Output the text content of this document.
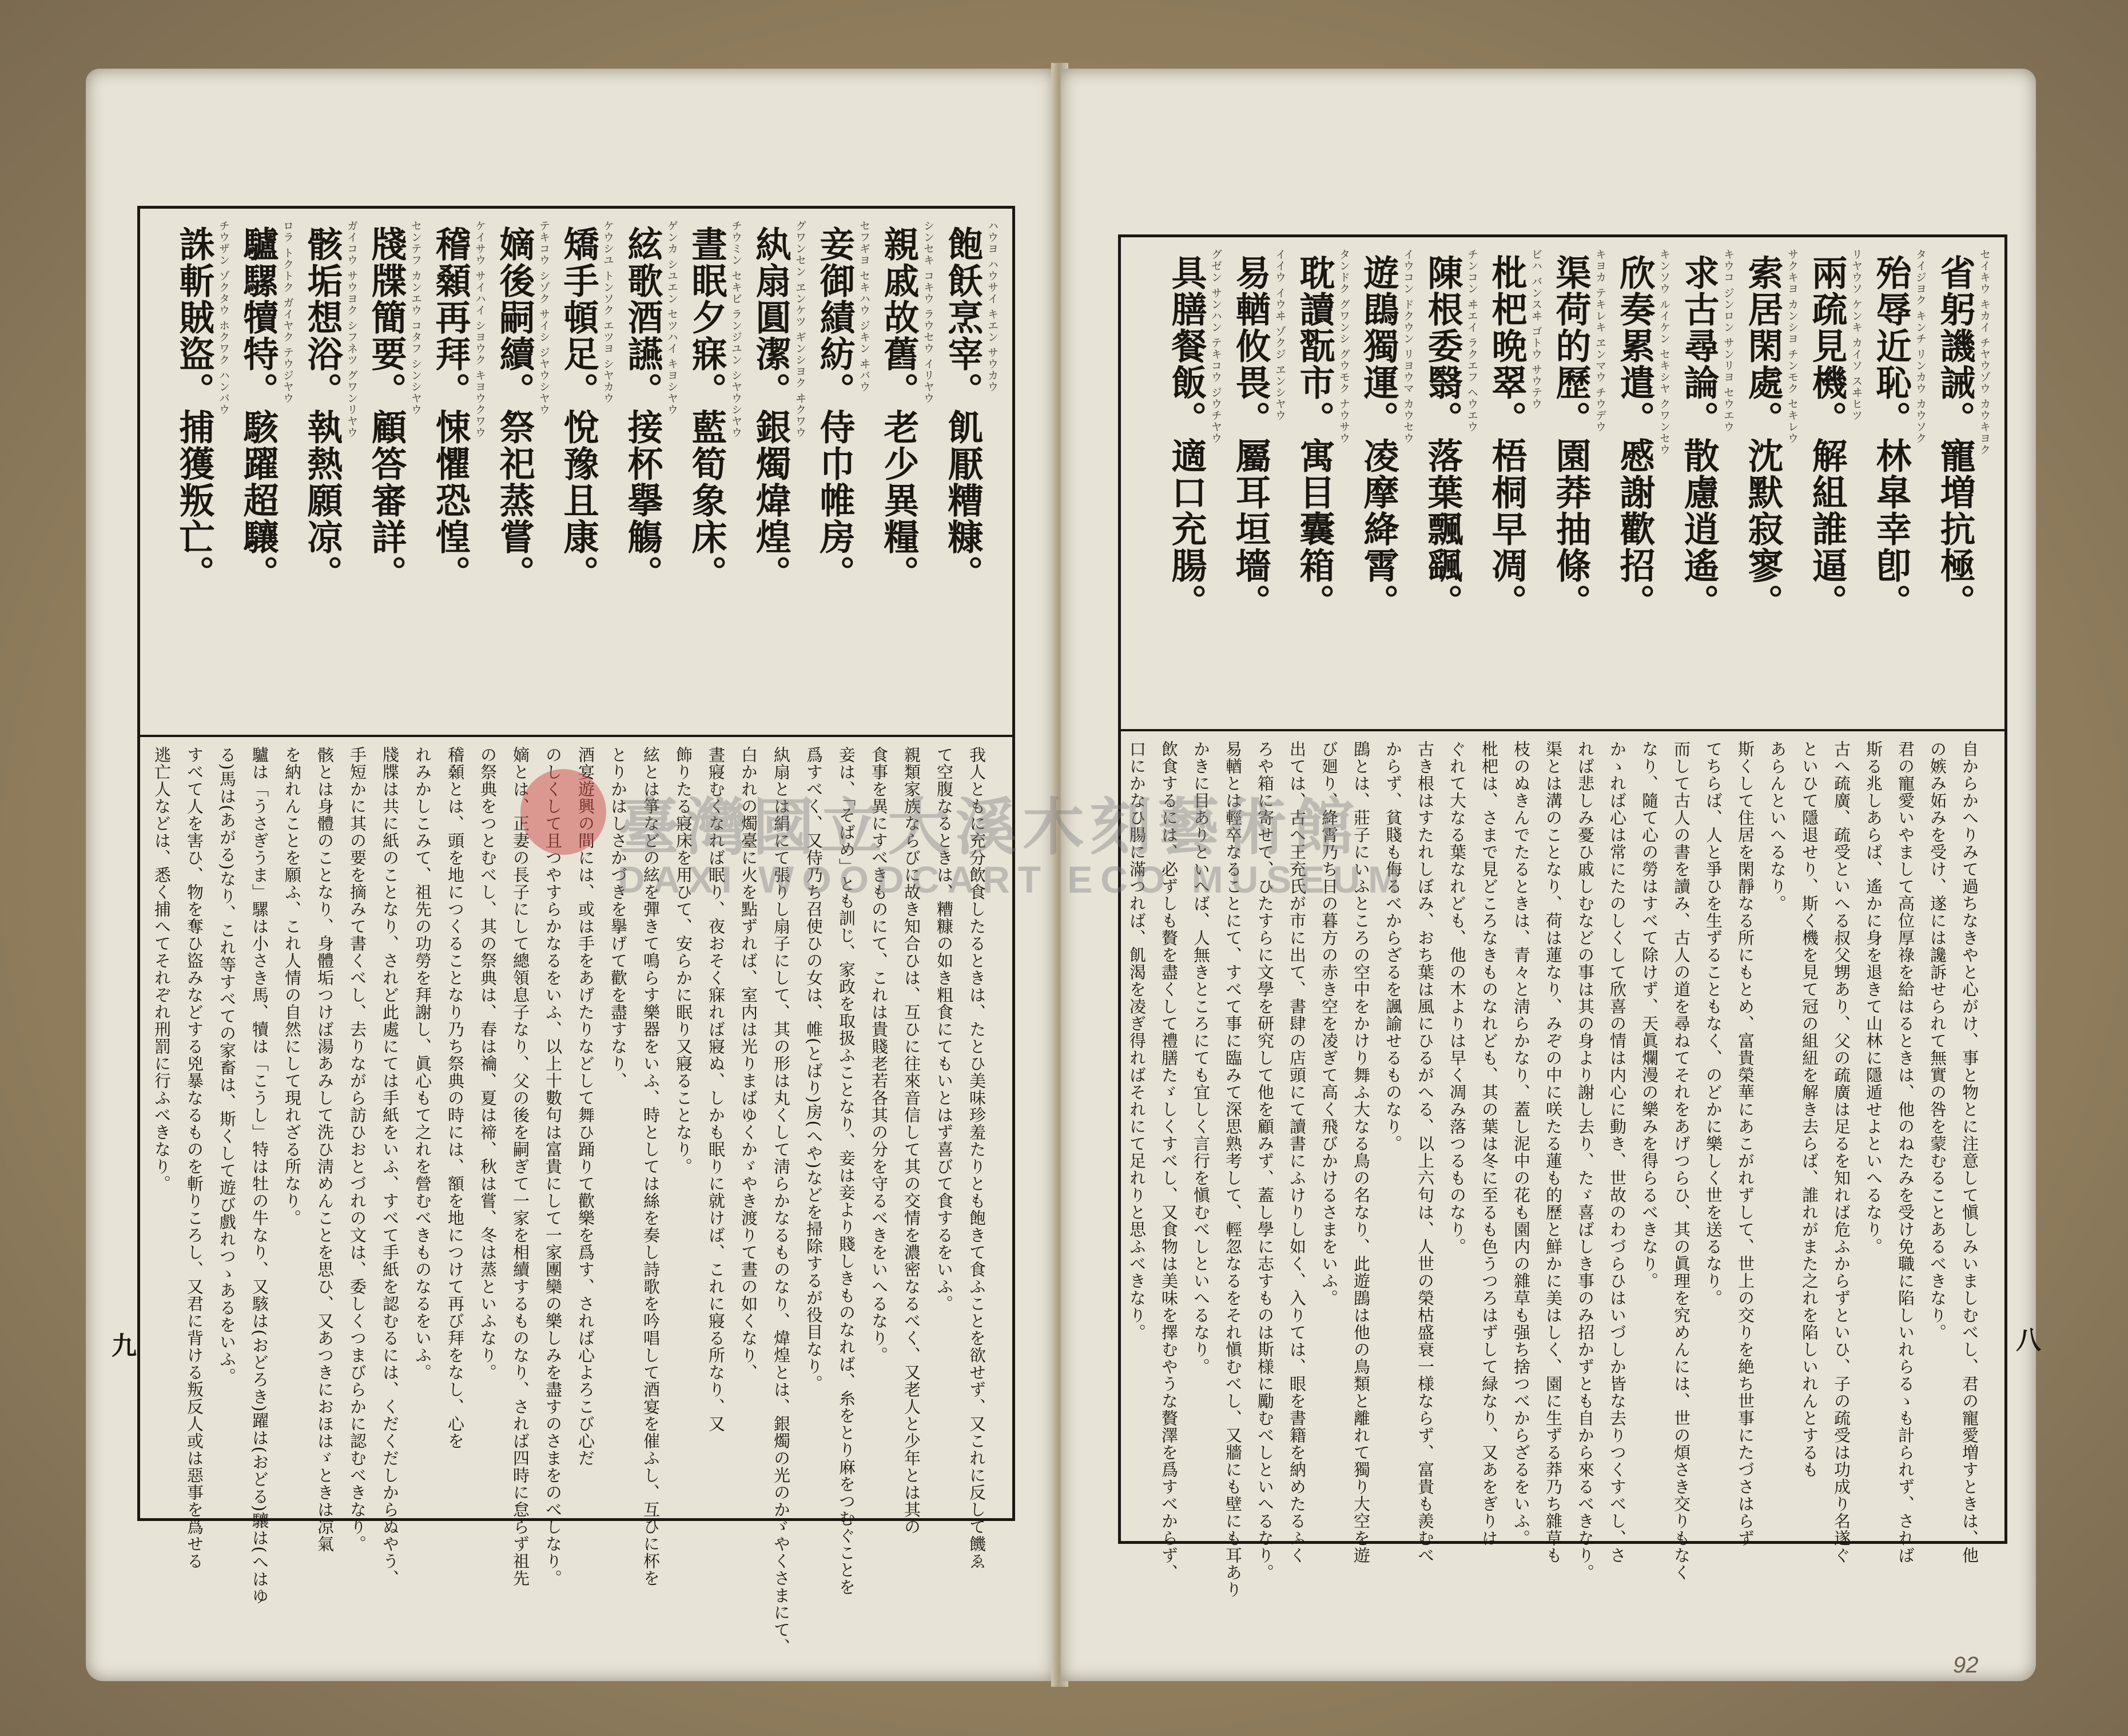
ハウヨ ハウサイ キエン サウカウ
飽飫烹宰。飢厭糟糠。
シンセキ コキウ ラウセウ イリヤウ
親戚故舊。老少異糧。
セフギヨ セキハウ ジキン ヰバウ
妾御績紡。侍巾帷房。
グワンセン ヱンケツ ギンシヨク ヰクワウ
紈扇圓潔。銀燭煒煌。
チウミン セキビ ランジユン シヤウシヤウ
晝眠夕寐。藍筍象床。
ゲンカ シユエン セツハイ キヨシヤウ
絃歌酒讌。接杯擧觴。
ケウシユ トンソク エツヨ シヤカウ
矯手頓足。悅豫且康。
テキコウ シゾク サイシ ジヤウシヤウ
嫡後嗣續。祭祀蒸嘗。
ケイサウ サイハイ シヨウク キヨウクワウ
稽顙再拜。悚懼恐惶。
センテフ カンエウ コタフ シンシヤウ
牋牒簡要。顧答審詳。
ガイコウ サウヨク シフネツ グワンリヤウ
骸垢想浴。執熱願凉。
ロラ トクトク ガイヤク テウジヤウ
驢騾犢特。駭躍超驤。
チウザン ゾクタウ ホクワク ハンバウ
誅斬賊盜。捕獲叛亡。
我人ともに充分飲食したるときは、たとひ美味珍羞たりとも飽きて食ふことを欲せず、又これに反して饑ゑ
て空腹なるときは、糟糠の如き粗食にてもいとはず喜びて食するをいふ。
親類家族ならびに故き知合ひは、互ひに往來音信して其の交情を濃密なるべく、又老人と少年とは其の
食事を異にすべきものにて、これは貴賤老若各其の分を守るべきをいへるなり。
妾は、「そばめ」とも訓じ、家政を取扱ふことなり、妾は妾より賤しきものなれば、糸をとり麻をつむぐことを
爲すべく、又侍乃ち召使ひの女は、帷(とばり)房(へや)などを掃除するが役目なり。
紈扇とは絹にて張りし扇子にして、其の形は丸くして淸らかなるものなり、煒煌とは、銀燭の光のかゞやくさまにて、
白かれの燭臺に火を點ずれば、室内は光りまばゆくかゞやき渡りて晝の如くなり、
晝寢むくなれば眠り、夜おそく寐れば寢ぬ、しかも眠りに就けば、これに寢る所なり、又
飾りたる寢床を用ひて、安らかに眠り又寢ることなり。
絃とは箏などの絃を彈きて鳴らす樂器をいふ、時としては絲を奏し詩歌を吟唱して酒宴を催ふし、互ひに杯を
とりかはしさかづきを擧げて歡を盡すなり、
酒宴遊興の間には、或は手をあげたりなどして舞ひ踊りて歡樂を爲す、されば心よろこび心だ
のしくして且つやすらかなるをいふ、以上十數句は富貴にして一家團欒の樂しみを盡すのさまをのべしなり。
嫡とは、正妻の長子にして總領息子なり、父の後を嗣ぎて一家を相續するものなり、されば四時に怠らず祖先
の祭典をつとむべし、其の祭典は、春は禴、夏は禘、秋は嘗、冬は蒸といふなり。
稽顙とは、頭を地につくることなり乃ち祭典の時には、額を地につけて再び拜をなし、心を
れみかしこみて、祖先の功勞を拜謝し、眞心もて之れを營むべきものなるをいふ。
牋牒は共に紙のことなり、されど此處にては手紙をいふ、すべて手紙を認むるには、くだくだしからぬやう、
手短かに其の要を摘みて書くべし、去りながら訪ひおとづれの文は、委しくつまびらかに認むべきなり。
骸とは身體のことなり、身體垢つけば湯あみして洗ひ淸めんことを思ひ、又あつきにおほはゞときは凉氣
を納れんことを願ふ、これ人情の自然にして現れざる所なり。
驢は「うさぎうま」騾は小さき馬、犢は「こうし」特は牡の牛なり、又駭は(おどろき)躍は(おどる)驤は(へはゆ
る)馬は(あがる)なり、これ等すべての家畜は、斯くして遊び戲れつゝあるをいふ。
すべて人を害ひ、物を奪ひ盜みなどする兇暴なるものを斬りころし、又君に背ける叛反人或は惡事を爲せる
逃亡人などは、悉く捕へてそれぞれ刑罰に行ふべきなり。
九
セイキウ キカイ チヤウゾウ カウキヨク
省躬譏誡。寵増抗極。
タイジヨク キンチ リンカウ カウソク
殆辱近恥。林皐幸卽。
リヤウソ ケンキ カイソ スヰヒツ
兩疏見機。解組誰逼。
サクキヨ カンシヨ チンモク セキレウ
索居閑處。沈默寂寥。
キウコ ジンロン サンリヨ セウエウ
求古尋論。散慮逍遙。
キンソウ ルイケン セキシヤ クワンセウ
欣奏累遣。慼謝歡招。
キヨカ テキレキ ヱンマウ チウデウ
渠荷的歷。園莽抽條。
ビハ バンスヰ ゴトウ サウテウ
枇杷晩翠。梧桐早凋。
チンコン ヰエイ ラクエフ ヘウエウ
陳根委翳。落葉飄颻。
イウコン ドクウン リヨウマ カウセウ
遊鵾獨運。凌摩絳霄。
タンドク グワンシ グウモク ナウサウ
耽讀翫市。寓目囊箱。
イイウ イウヰ ゾクジ ヱンシヤウ
易輶攸畏。屬耳垣墻。
グゼン サンハン テキコウ ジウチヤウ
具膳餐飯。適口充腸。
自からかへりみて過ちなきやと心がけ、事と物とに注意して愼しみいましむべし、君の寵愛増すときは、他
の嫉み妬みを受け、遂には讒訴せられて無實の咎を蒙むることあるべきなり。
君の寵愛いやまして高位厚祿を給はるときは、他のねたみを受け免職に陷しいれらるゝも計られず、されば
斯る兆しあらば、遙かに身を退きて山林に隱遁せよといへるなり。
古へ疏廣、疏受といへる叔父甥あり、父の疏廣は足るを知れば危ふからずといひ、子の疏受は功成り名遂ぐ
といひて隱退せり、斯く機を見て冠の組紐を解き去らば、誰れがまた之れを陷しいれんとするも
あらんといへるなり。
斯くして住居を閑靜なる所にもとめ、富貴榮華にあこがれずして、世上の交りを絶ち世事にたづさはらず
てちらば、人と爭ひを生ずることもなく、のどかに樂しく世を送るなり。
而して古人の書を讀み、古人の道を尋ねてそれをあげつらひ、其の眞理を究めんには、世の煩さき交りもなく
なり、隨て心の勞はすべて除けず、天眞爛漫の樂みを得らるべきなり。
かゝれば心は常にたのしくして欣喜の情は内心に動き、世故のわづらひはいづしか皆な去りつくすべし、さ
れば悲しみ憂ひ戚しむなどの事は其の身より謝し去り、たゞ喜ばしき事のみ招かずとも自から來るべきなり。
渠とは溝のことなり、荷は蓮なり、みぞの中に咲たる蓮も的歷と鮮かに美はしく、園に生ずる莽乃ち雜草も
枝のぬきんでたるときは、青々と淸らかなり、蓋し泥中の花も園内の雜草も强ち捨つべからざるをいふ。
枇杷は、さまで見どころなきものなれども、其の葉は冬に至るも色うつろはずして緑なり、又あをぎりは
ぐれて大なる葉なれども、他の木よりは早く凋み落つるものなり。
古き根はすたれしぼみ、おち葉は風にひるがへる、以上六句は、人世の榮枯盛衰一様ならず、富貴も羨むべ
からず、貧賤も侮るべからざるを諷諭せるものなり。
鵾とは、莊子にいふところの空中をかけり舞ふ大なる鳥の名なり、此遊鵾は他の鳥類と離れて獨り大空を遊
び廻り、絳霄乃ち日の暮方の赤き空を凌ぎて高く飛びかけるさまをいふ。
出ては、古へ王充氏が市に出て、書肆の店頭にて讀書にふけりし如く、入りては、眼を書籍を納めたるふく
ろや箱に寄せて、ひたすらに文學を研究して他を顧みず、蓋し學に志すものは斯様に勵むべしといへるなり。
易輶とは輕卒なることにて、すべて事に臨みて深思熟考して、輕忽なるをそれ愼むべし、又牆にも壁にも耳あり
かきに目ありといへば、人無きところにても宜しく言行を愼むべしといへるなり。
飲食するには、必ずしも贅を盡くして禮膳たゞしくすべし、又食物は美味を擇むやうな贅澤を爲すべからず、
口にかなひ腸に滿つれば、飢渴を凌ぎ得ればそれにて足れりと思ふべきなり。	八
92
臺灣國立大溪木刻藝術館
DAXI WOODCART ECO MUSEUM
